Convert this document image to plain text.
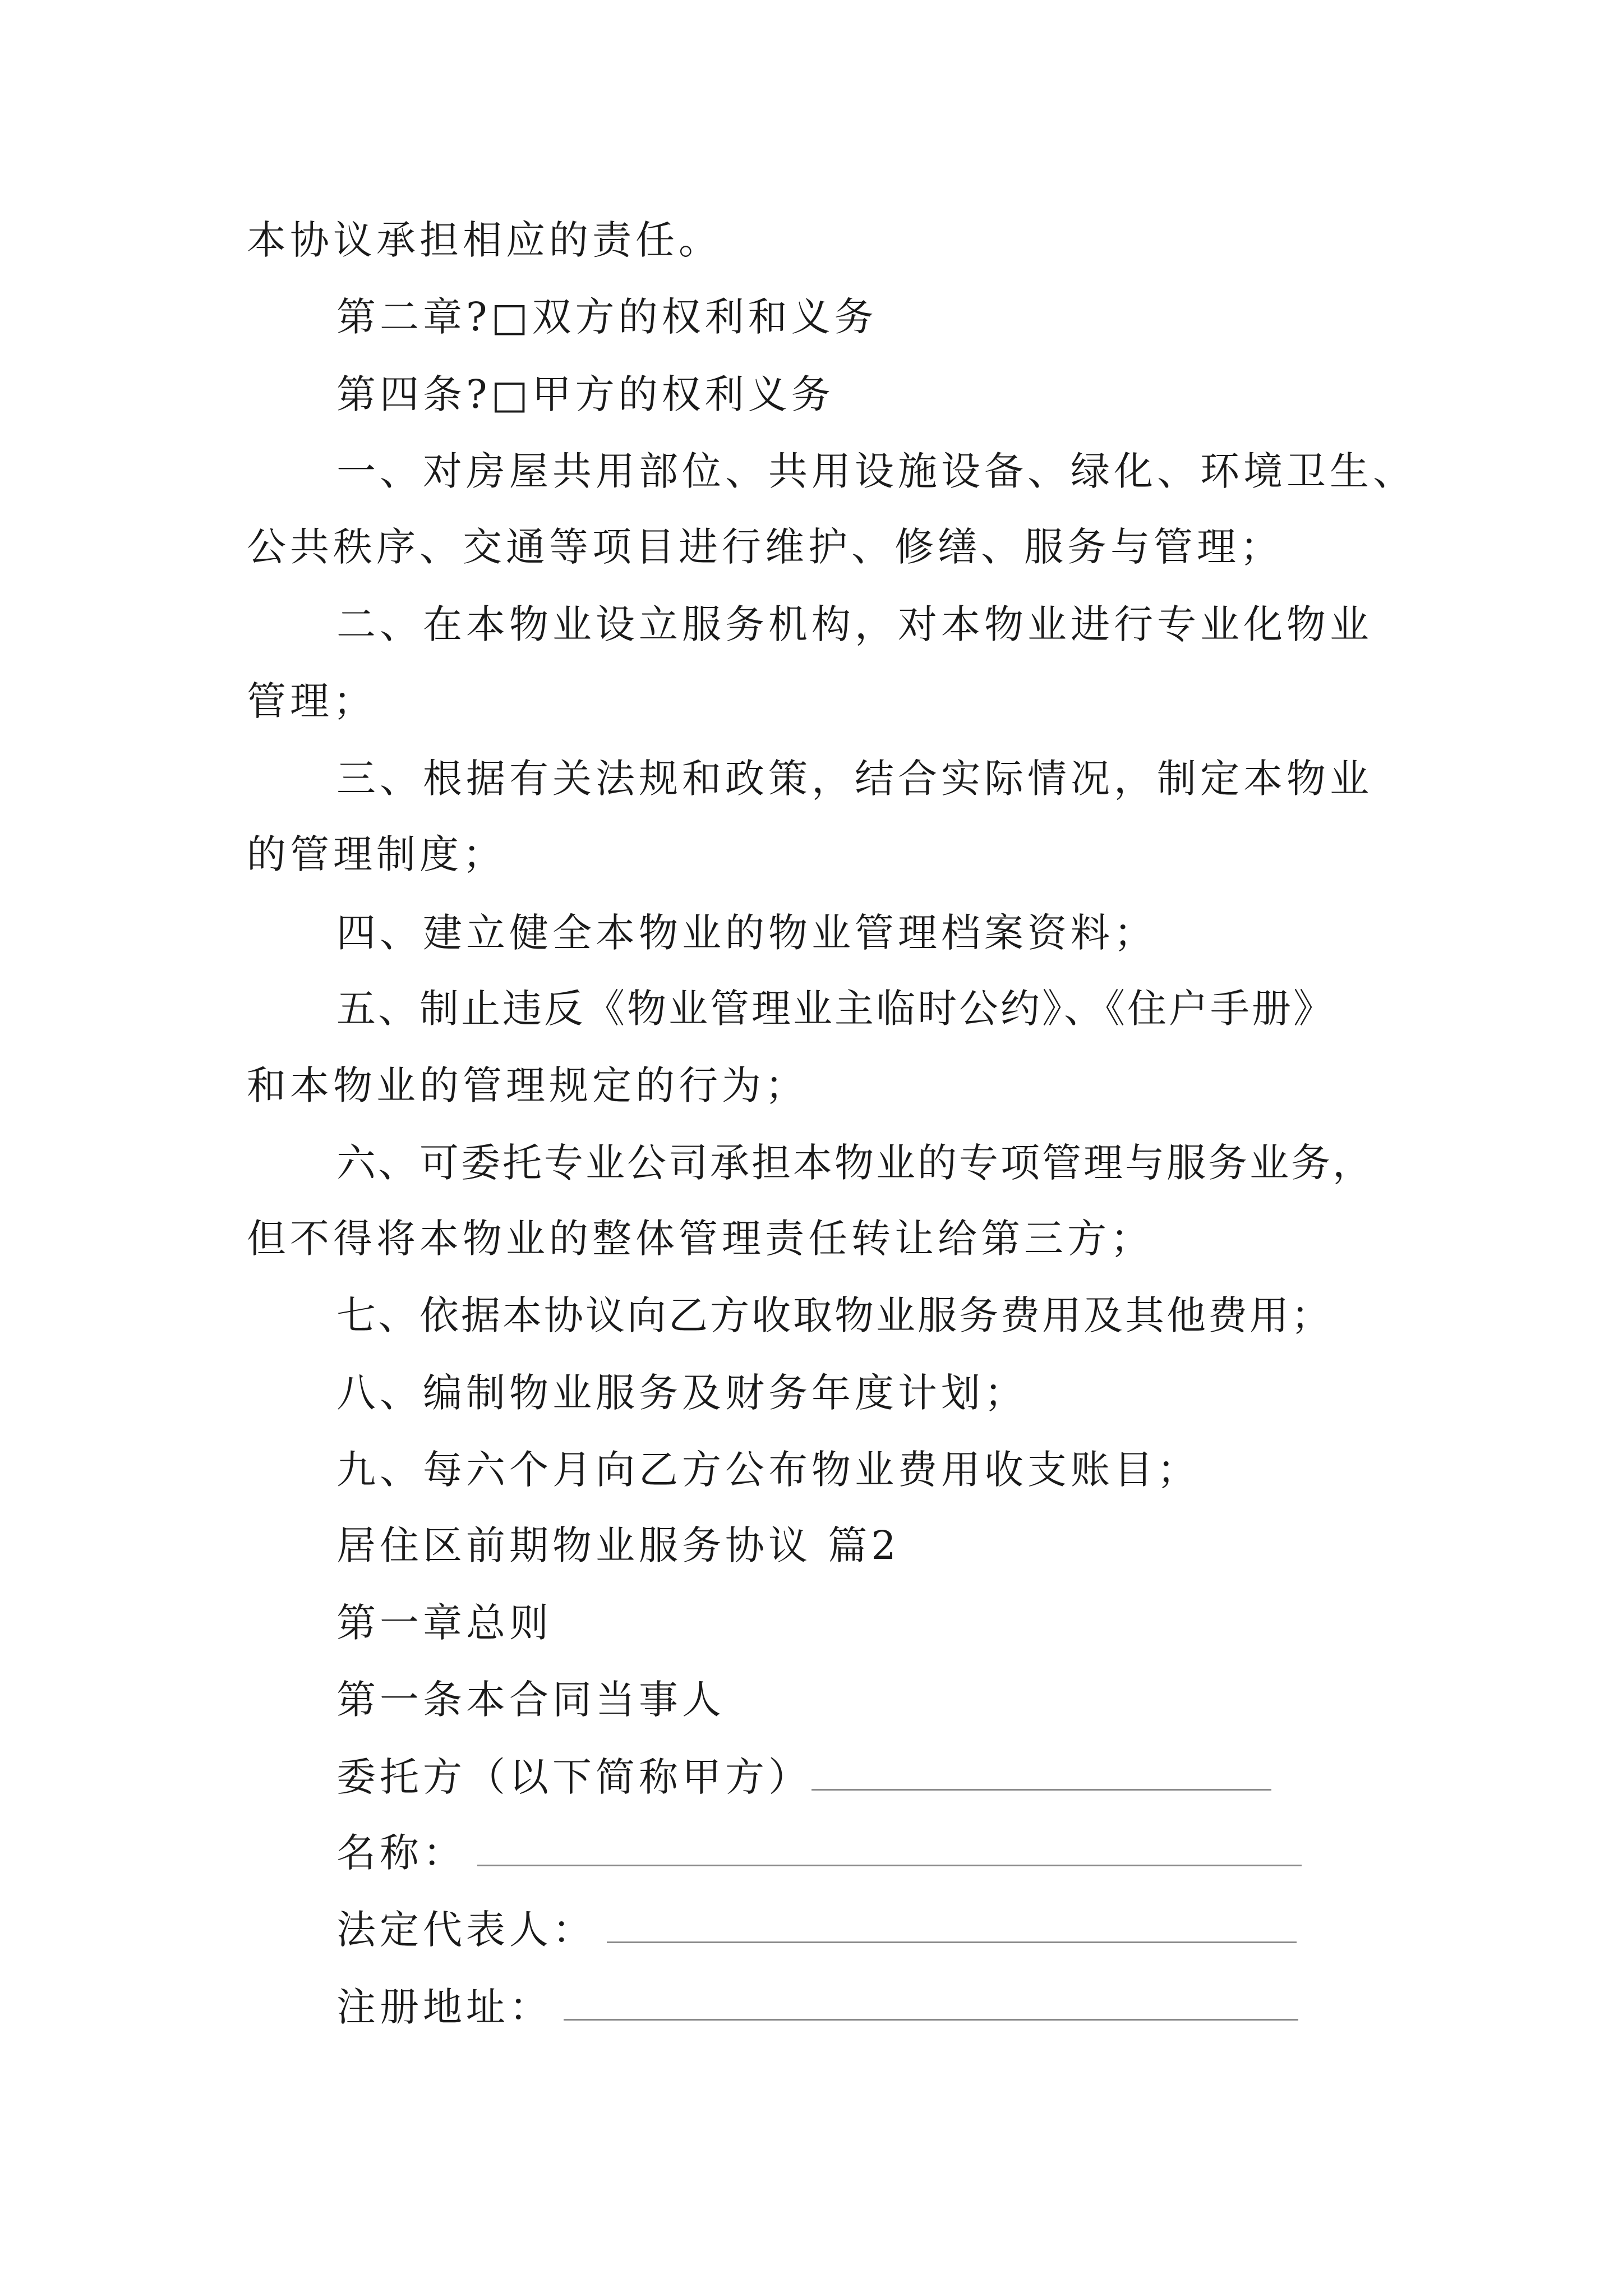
本协议承担相应的责任。
第二章?□双方的权利和义务
第四条?□甲方的权利义务
一、对房屋共用部位、共用设施设备、绿化、环境卫生、
公共秩序、交通等项目进行维护、修缮、服务与管理；
二、在本物业设立服务机构，对本物业进行专业化物业
管理；
三、根据有关法规和政策，结合实际情况，制定本物业
的管理制度；
四、建立健全本物业的物业管理档案资料；
五、制止违反《物业管理业主临时公约》、《住户手册》
和本物业的管理规定的行为；
六、可委托专业公司承担本物业的专项管理与服务业务，
但不得将本物业的整体管理责任转让给第三方；
七、依据本协议向乙方收取物业服务费用及其他费用；
八、编制物业服务及财务年度计划；
九、每六个月向乙方公布物业费用收支账目；
居住区前期物业服务协议 篇2
第一章总则
第一条本合同当事人
委托方（以下简称甲方）
名称：
法定代表人：
注册地址：
